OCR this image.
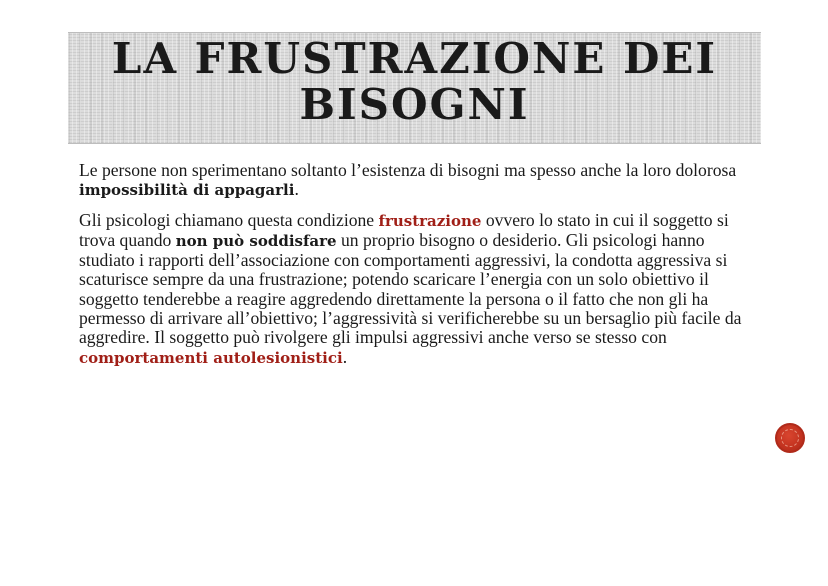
LA FRUSTRAZIONE DEI BISOGNI

Le persone non sperimentano soltanto l’esistenza di bisogni ma spesso anche la loro dolorosa impossibilità di appagarli.

Gli psicologi chiamano questa condizione frustrazione ovvero lo stato in cui il soggetto si trova quando non può soddisfare un proprio bisogno o desiderio. Gli psicologi hanno studiato i rapporti dell’associazione con comportamenti aggressivi, la condotta aggressiva si scaturisce sempre da una frustrazione; potendo scaricare l’energia con un solo obiettivo il soggetto tenderebbe a reagire aggredendo direttamente la persona o il fatto che non gli ha permesso di arrivare all’obiettivo; l’aggressività si verificherebbe su un bersaglio più facile da aggredire. Il soggetto può rivolgere gli impulsi aggressivi anche verso se stesso con comportamenti autolesionistici.
